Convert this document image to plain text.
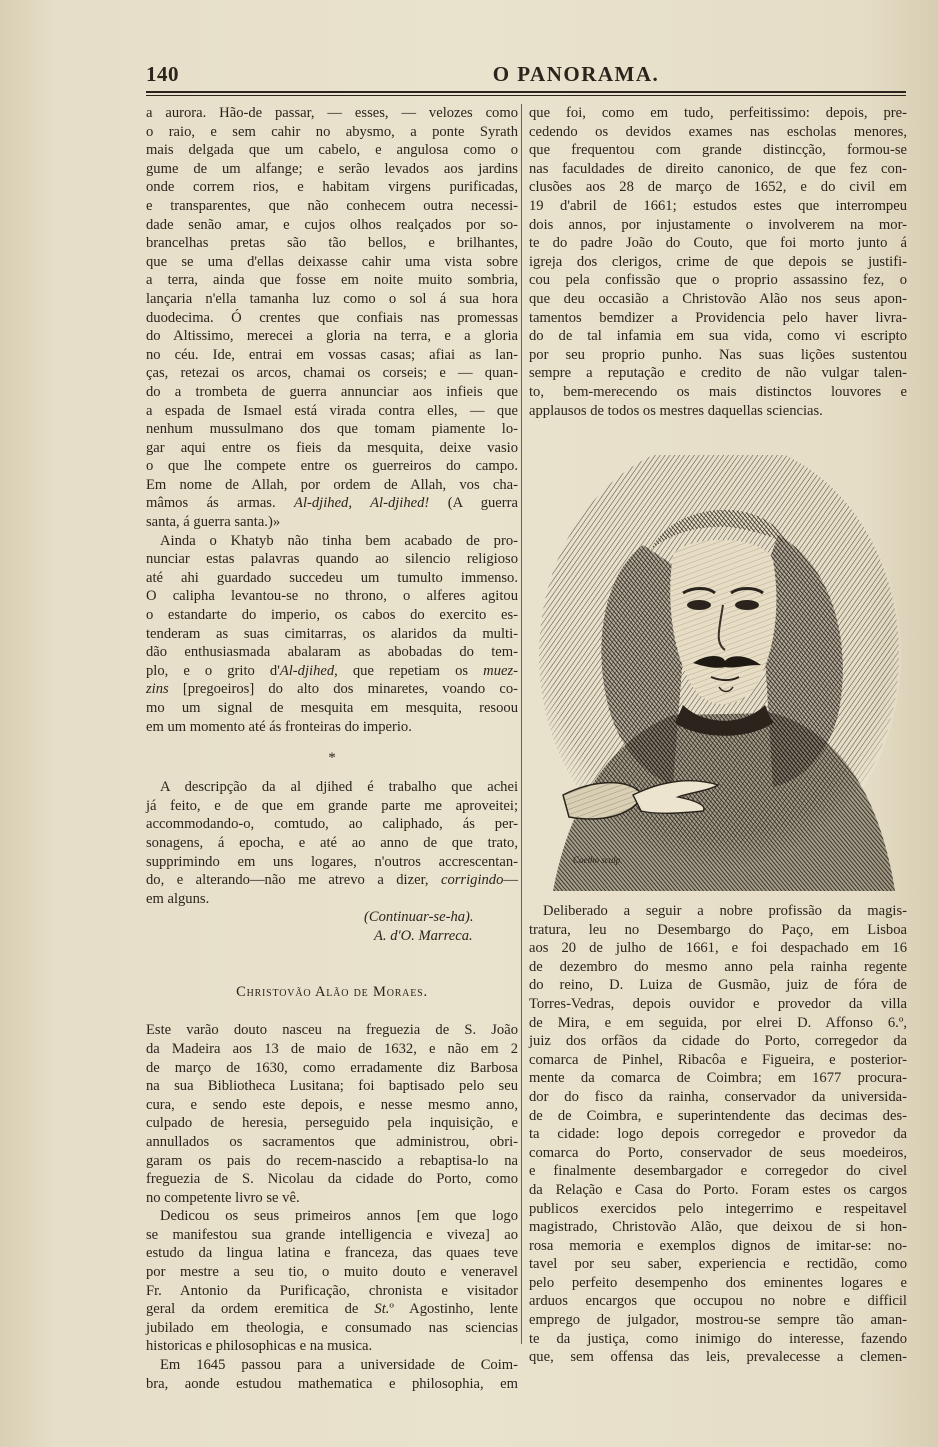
140	O PANORAMA.
a aurora. Hão-de passar, — esses, — velozes como
o raio, e sem cahir no abysmo, a ponte Syrath
mais delgada que um cabelo, e angulosa como o
gume de um alfange; e serão levados aos jardins
onde correm rios, e habitam virgens purificadas,
e transparentes, que não conhecem outra necessi-
dade senão amar, e cujos olhos realçados por so-
brancelhas pretas são tão bellos, e brilhantes,
que se uma d'ellas deixasse cahir uma vista sobre
a terra, ainda que fosse em noite muito sombria,
lançaria n'ella tamanha luz como o sol á sua hora
duodecima. Ó crentes que confiais nas promessas
do Altissimo, merecei a gloria na terra, e a gloria
no céu. Ide, entrai em vossas casas; afiai as lan-
ças, retezai os arcos, chamai os corseis; e — quan-
do a trombeta de guerra annunciar aos infieis que
a espada de Ismael está virada contra elles, — que
nenhum mussulmano dos que tomam piamente lo-
gar aqui entre os fieis da mesquita, deixe vasio
o que lhe compete entre os guerreiros do campo.
Em nome de Allah, por ordem de Allah, vos cha-
mâmos ás armas. Al-djihed, Al-djihed! (A guerra
santa, á guerra santa.)»
Ainda o Khatyb não tinha bem acabado de pro-
nunciar estas palavras quando ao silencio religioso
até ahi guardado succedeu um tumulto immenso.
O calipha levantou-se no throno, o alferes agitou
o estandarte do imperio, os cabos do exercito es-
tenderam as suas cimitarras, os alaridos da multi-
dão enthusiasmada abalaram as abobadas do tem-
plo, e o grito d'Al-djihed, que repetiam os muez-
zins [pregoeiros] do alto dos minaretes, voando co-
mo um signal de mesquita em mesquita, resoou
em um momento até ás fronteiras do imperio.
*
A descripção da al djihed é trabalho que achei
já feito, e de que em grande parte me aproveitei;
accommodando-o, comtudo, ao caliphado, ás per-
sonagens, á epocha, e até ao anno de que trato,
supprimindo em uns logares, n'outros accrescentan-
do, e alterando—não me atrevo a dizer, corrigindo—
em alguns.
(Continuar-se-ha).
A. d'O. Marreca.
Christovão Alão de Moraes.
Este varão douto nasceu na freguezia de S. João
da Madeira aos 13 de maio de 1632, e não em 2
de março de 1630, como erradamente diz Barbosa
na sua Bibliotheca Lusitana; foi baptisado pelo seu
cura, e sendo este depois, e nesse mesmo anno,
culpado de heresia, perseguido pela inquisição, e
annullados os sacramentos que administrou, obri-
garam os pais do recem-nascido a rebaptisa-lo na
freguezia de S. Nicolau da cidade do Porto, como
no competente livro se vê.
Dedicou os seus primeiros annos [em que logo
se manifestou sua grande intelligencia e viveza] ao
estudo da lingua latina e franceza, das quaes teve
por mestre a seu tio, o muito douto e veneravel
Fr. Antonio da Purificação, chronista e visitador
geral da ordem eremitica de St.º Agostinho, lente
jubilado em theologia, e consumado nas sciencias
historicas e philosophicas e na musica.
Em 1645 passou para a universidade de Coim-
bra, aonde estudou mathematica e philosophia, em
que foi, como em tudo, perfeitissimo: depois, pre-
cedendo os devidos exames nas escholas menores,
que frequentou com grande distincção, formou-se
nas faculdades de direito canonico, de que fez con-
clusões aos 28 de março de 1652, e do civil em
19 d'abril de 1661; estudos estes que interrompeu
dois annos, por injustamente o involverem na mor-
te do padre João do Couto, que foi morto junto á
igreja dos clerigos, crime de que depois se justifi-
cou pela confissão que o proprio assassino fez, o
que deu occasião a Christovão Alão nos seus apon-
tamentos bemdizer a Providencia pelo haver livra-
do de tal infamia em sua vida, como vi escripto
por seu proprio punho. Nas suas lições sustentou
sempre a reputação e credito de não vulgar talen-
to, bem-merecendo os mais distinctos louvores e
applausos de todos os mestres daquellas sciencias.
Coelho sculp.
Deliberado a seguir a nobre profissão da magis-
tratura, leu no Desembargo do Paço, em Lisboa
aos 20 de julho de 1661, e foi despachado em 16
de dezembro do mesmo anno pela rainha regente
do reino, D. Luiza de Gusmão, juiz de fóra de
Torres-Vedras, depois ouvidor e provedor da villa
de Mira, e em seguida, por elrei D. Affonso 6.º,
juiz dos orfãos da cidade do Porto, corregedor da
comarca de Pinhel, Ribacôa e Figueira, e posterior-
mente da comarca de Coimbra; em 1677 procura-
dor do fisco da rainha, conservador da universida-
de de Coimbra, e superintendente das decimas des-
ta cidade: logo depois corregedor e provedor da
comarca do Porto, conservador de seus moedeiros,
e finalmente desembargador e corregedor do civel
da Relação e Casa do Porto. Foram estes os cargos
publicos exercidos pelo integerrimo e respeitavel
magistrado, Christovão Alão, que deixou de si hon-
rosa memoria e exemplos dignos de imitar-se: no-
tavel por seu saber, experiencia e rectidão, como
pelo perfeito desempenho dos eminentes logares e
arduos encargos que occupou no nobre e difficil
emprego de julgador, mostrou-se sempre tão aman-
te da justiça, como inimigo do interesse, fazendo
que, sem offensa das leis, prevalecesse a clemen-
